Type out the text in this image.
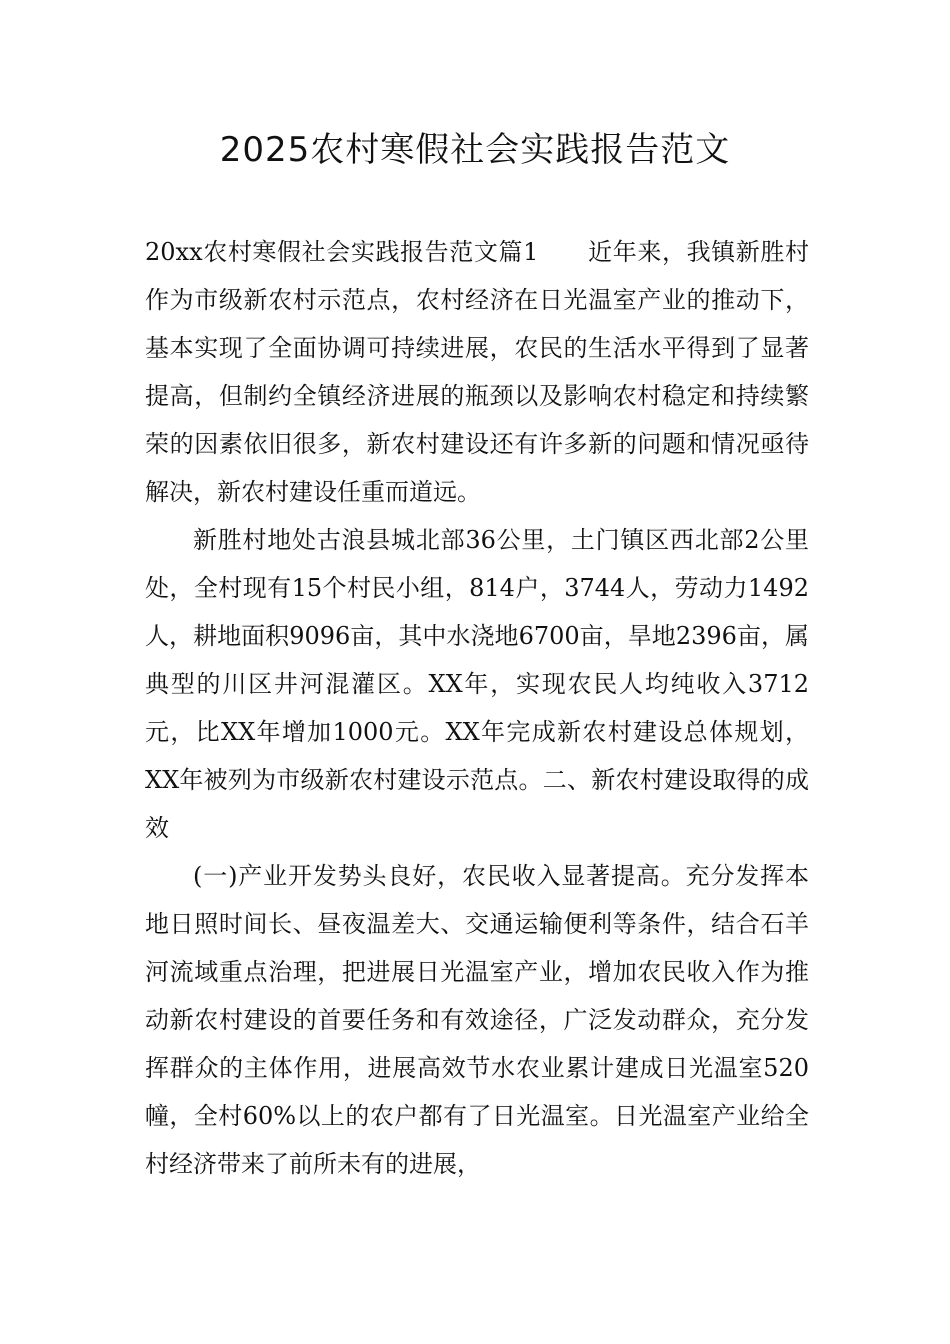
2025农村寒假社会实践报告范文

20xx农村寒假社会实践报告范文篇1　　近年来，我镇新胜村作为市级新农村示范点，农村经济在日光温室产业的推动下，基本实现了全面协调可持续进展，农民的生活水平得到了显著提高，但制约全镇经济进展的瓶颈以及影响农村稳定和持续繁荣的因素依旧很多，新农村建设还有许多新的问题和情况亟待解决，新农村建设任重而道远。

新胜村地处古浪县城北部36公里，土门镇区西北部2公里处，全村现有15个村民小组，814户，3744人，劳动力1492人，耕地面积9096亩，其中水浇地6700亩，旱地2396亩，属典型的川区井河混灌区。XX年，实现农民人均纯收入3712元，比XX年增加1000元。XX年完成新农村建设总体规划，XX年被列为市级新农村建设示范点。二、新农村建设取得的成效

(一)产业开发势头良好，农民收入显著提高。充分发挥本地日照时间长、昼夜温差大、交通运输便利等条件，结合石羊河流域重点治理，把进展日光温室产业，增加农民收入作为推动新农村建设的首要任务和有效途径，广泛发动群众，充分发挥群众的主体作用，进展高效节水农业累计建成日光温室520幢，全村60%以上的农户都有了日光温室。日光温室产业给全村经济带来了前所未有的进展，
